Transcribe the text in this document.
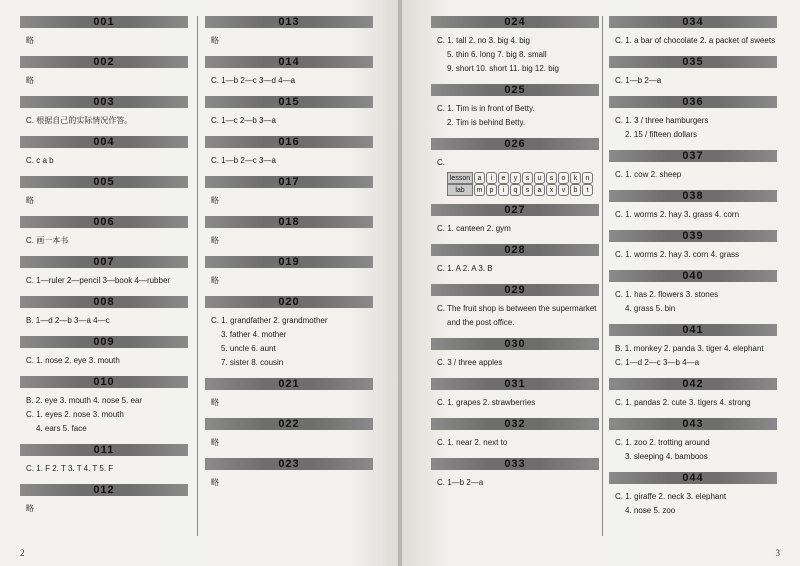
001
略
002
略
003
C. 根据自己的实际情况作答。
004
C. c a b
005
略
006
C. 画一本书
007
C. 1—ruler 2—pencil 3—book 4—rubber
008
B. 1—d 2—b 3—a 4—c
009
C. 1. nose 2. eye 3. mouth
010
B. 2. eye 3. mouth 4. nose 5. ear
C. 1. eyes 2. nose 3. mouth
4. ears 5. face
011
C. 1. F 2. T 3. T 4. T 5. F
012
略
013
略
014
C. 1—b 2—c 3—d 4—a
015
C. 1—c 2—b 3—a
016
C. 1—b 2—c 3—a
017
略
018
略
019
略
020
C. 1. grandfather 2. grandmother
3. father 4. mother
5. uncle 6. aunt
7. sister 8. cousin
021
略
022
略
023
略
024
C. 1. tall 2. no 3. big 4. big
5. thin 6. long 7. big 8. small
9. short 10. short 11. big 12. big
025
C. 1. Tim is in front of Betty.
2. Tim is behind Betty.
026
C.
lesson	a	i	e	y	s	u	s	o	k	n
lab	m	p	i	q	s	a	x	v	b	t
027
C. 1. canteen 2. gym
028
C. 1. A 2. A 3. B
029
C. The fruit shop is between the supermarket
and the post office.
030
C. 3 / three apples
031
C. 1. grapes 2. strawberries
032
C. 1. near 2. next to
033
C. 1—b 2—a
034
C. 1. a bar of chocolate 2. a packet of sweets
035
C. 1—b 2—a
036
C. 1. 3 / three hamburgers
2. 15 / fifteen dollars
037
C. 1. cow 2. sheep
038
C. 1. worms 2. hay 3. grass 4. corn
039
C. 1. worms 2. hay 3. corn 4. grass
040
C. 1. has 2. flowers 3. stones
4. grass 5. bin
041
B. 1. monkey 2. panda 3. tiger 4. elephant
C. 1—d 2—c 3—b 4—a
042
C. 1. pandas 2. cute 3. tigers 4. strong
043
C. 1. zoo 2. trotting around
3. sleeping 4. bamboos
044
C. 1. giraffe 2. neck 3. elephant
4. nose 5. zoo
2	3
